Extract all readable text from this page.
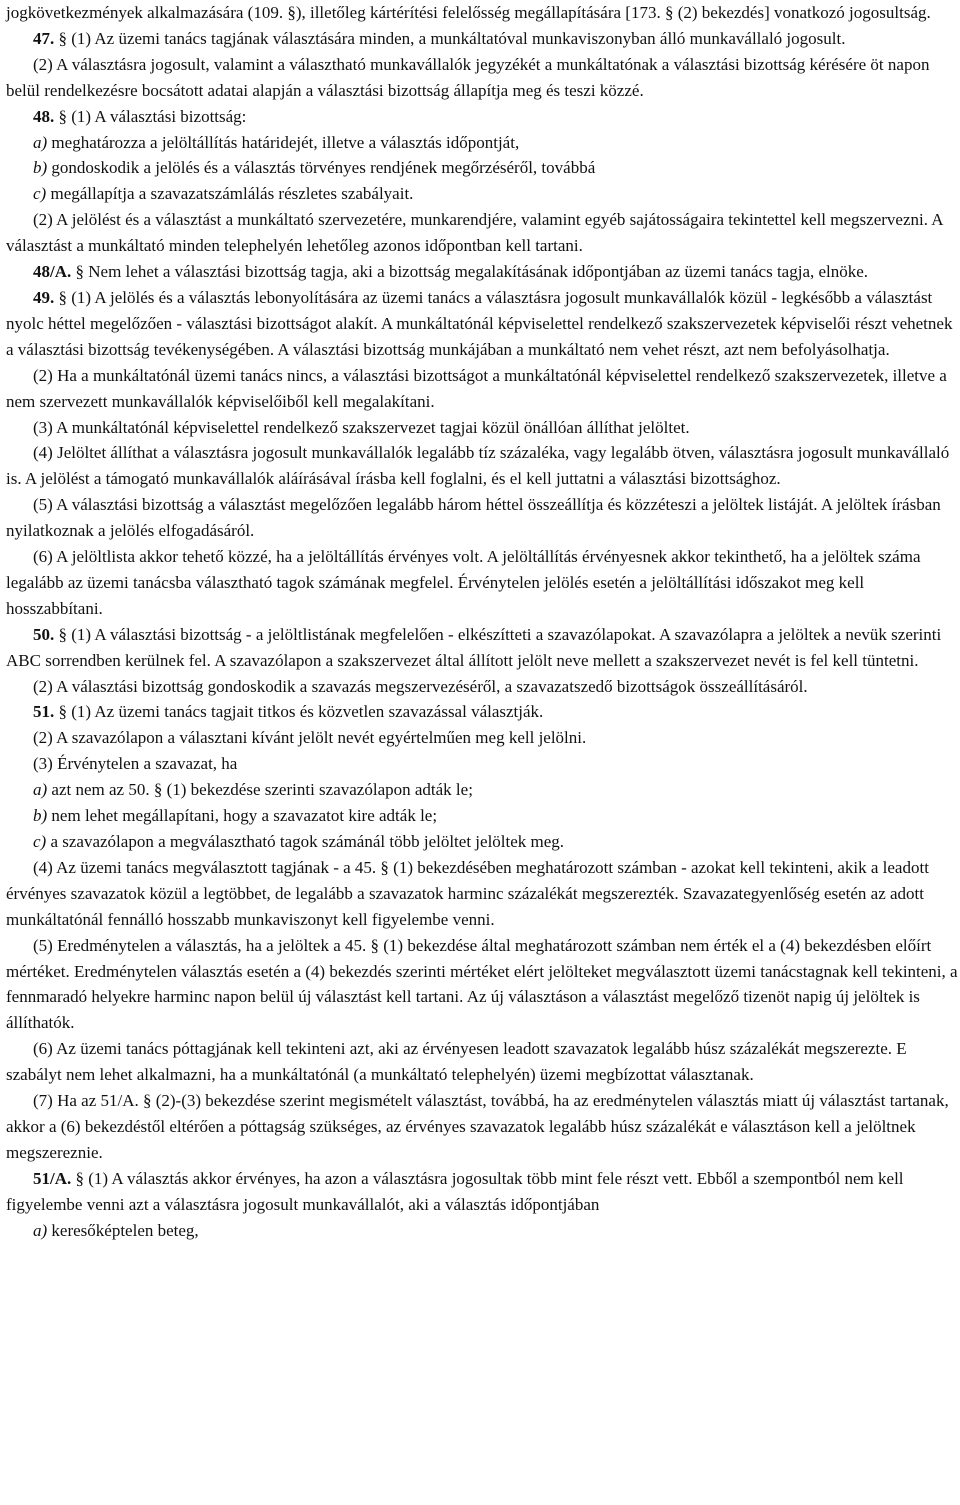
jogkövetkezmények alkalmazására (109. §), illetőleg kártérítési felelősség megállapítására [173. § (2) bekezdés] vonatkozó jogosultság.

47. § (1) Az üzemi tanács tagjának választására minden, a munkáltatóval munkaviszonyban álló munkavállaló jogosult.

(2) A választásra jogosult, valamint a választható munkavállalók jegyzékét a munkáltatónak a választási bizottság kérésére öt napon belül rendelkezésre bocsátott adatai alapján a választási bizottság állapítja meg és teszi közzé.

48. § (1) A választási bizottság:

a) meghatározza a jelöltállítás határidejét, illetve a választás időpontját,

b) gondoskodik a jelölés és a választás törvényes rendjének megőrzéséről, továbbá

c) megállapítja a szavazatszámlálás részletes szabályait.

(2) A jelölést és a választást a munkáltató szervezetére, munkarendjére, valamint egyéb sajátosságaira tekintettel kell megszervezni. A választást a munkáltató minden telephelyén lehetőleg azonos időpontban kell tartani.

48/A. § Nem lehet a választási bizottság tagja, aki a bizottság megalakításának időpontjában az üzemi tanács tagja, elnöke.

49. § (1) A jelölés és a választás lebonyolítására az üzemi tanács a választásra jogosult munkavállalók közül - legkésőbb a választást nyolc héttel megelőzően - választási bizottságot alakít. A munkáltatónál képviselettel rendelkező szakszervezetek képviselői részt vehetnek a választási bizottság tevékenységében. A választási bizottság munkájában a munkáltató nem vehet részt, azt nem befolyásolhatja.

(2) Ha a munkáltatónál üzemi tanács nincs, a választási bizottságot a munkáltatónál képviselettel rendelkező szakszervezetek, illetve a nem szervezett munkavállalók képviselőiből kell megalakítani.

(3) A munkáltatónál képviselettel rendelkező szakszervezet tagjai közül önállóan állíthat jelöltet.

(4) Jelöltet állíthat a választásra jogosult munkavállalók legalább tíz százaléka, vagy legalább ötven, választásra jogosult munkavállaló is. A jelölést a támogató munkavállalók aláírásával írásba kell foglalni, és el kell juttatni a választási bizottsághoz.

(5) A választási bizottság a választást megelőzően legalább három héttel összeállítja és közzéteszi a jelöltek listáját. A jelöltek írásban nyilatkoznak a jelölés elfogadásáról.

(6) A jelöltlista akkor tehető közzé, ha a jelöltállítás érvényes volt. A jelöltállítás érvényesnek akkor tekinthető, ha a jelöltek száma legalább az üzemi tanácsba választható tagok számának megfelel. Érvénytelen jelölés esetén a jelöltállítási időszakot meg kell hosszabbítani.

50. § (1) A választási bizottság - a jelöltlistának megfelelően - elkészítteti a szavazólapokat. A szavazólapra a jelöltek a nevük szerinti ABC sorrendben kerülnek fel. A szavazólapon a szakszervezet által állított jelölt neve mellett a szakszervezet nevét is fel kell tüntetni.

(2) A választási bizottság gondoskodik a szavazás megszervezéséről, a szavazatszedő bizottságok összeállításáról.

51. § (1) Az üzemi tanács tagjait titkos és közvetlen szavazással választják.

(2) A szavazólapon a választani kívánt jelölt nevét egyértelműen meg kell jelölni.

(3) Érvénytelen a szavazat, ha

a) azt nem az 50. § (1) bekezdése szerinti szavazólapon adták le;

b) nem lehet megállapítani, hogy a szavazatot kire adták le;

c) a szavazólapon a megválasztható tagok számánál több jelöltet jelöltek meg.

(4) Az üzemi tanács megválasztott tagjának - a 45. § (1) bekezdésében meghatározott számban - azokat kell tekinteni, akik a leadott érvényes szavazatok közül a legtöbbet, de legalább a szavazatok harminc százalékát megszerezték. Szavazategyenlőség esetén az adott munkáltatónál fennálló hosszabb munkaviszonyt kell figyelembe venni.

(5) Eredménytelen a választás, ha a jelöltek a 45. § (1) bekezdése által meghatározott számban nem érték el a (4) bekezdésben előírt mértéket. Eredménytelen választás esetén a (4) bekezdés szerinti mértéket elért jelölteket megválasztott üzemi tanácstagnak kell tekinteni, a fennmaradó helyekre harminc napon belül új választást kell tartani. Az új választáson a választást megelőző tizenöt napig új jelöltek is állíthatók.

(6) Az üzemi tanács póttagjának kell tekinteni azt, aki az érvényesen leadott szavazatok legalább húsz százalékát megszerezte. E szabályt nem lehet alkalmazni, ha a munkáltatónál (a munkáltató telephelyén) üzemi megbízottat választanak.

(7) Ha az 51/A. § (2)-(3) bekezdése szerint megismételt választást, továbbá, ha az eredménytelen választás miatt új választást tartanak, akkor a (6) bekezdéstől eltérően a póttagság szükséges, az érvényes szavazatok legalább húsz százalékát e választáson kell a jelöltnek megszereznie.

51/A. § (1) A választás akkor érvényes, ha azon a választásra jogosultak több mint fele részt vett. Ebből a szempontból nem kell figyelembe venni azt a választásra jogosult munkavállalót, aki a választás időpontjában

a) keresőképtelen beteg,
